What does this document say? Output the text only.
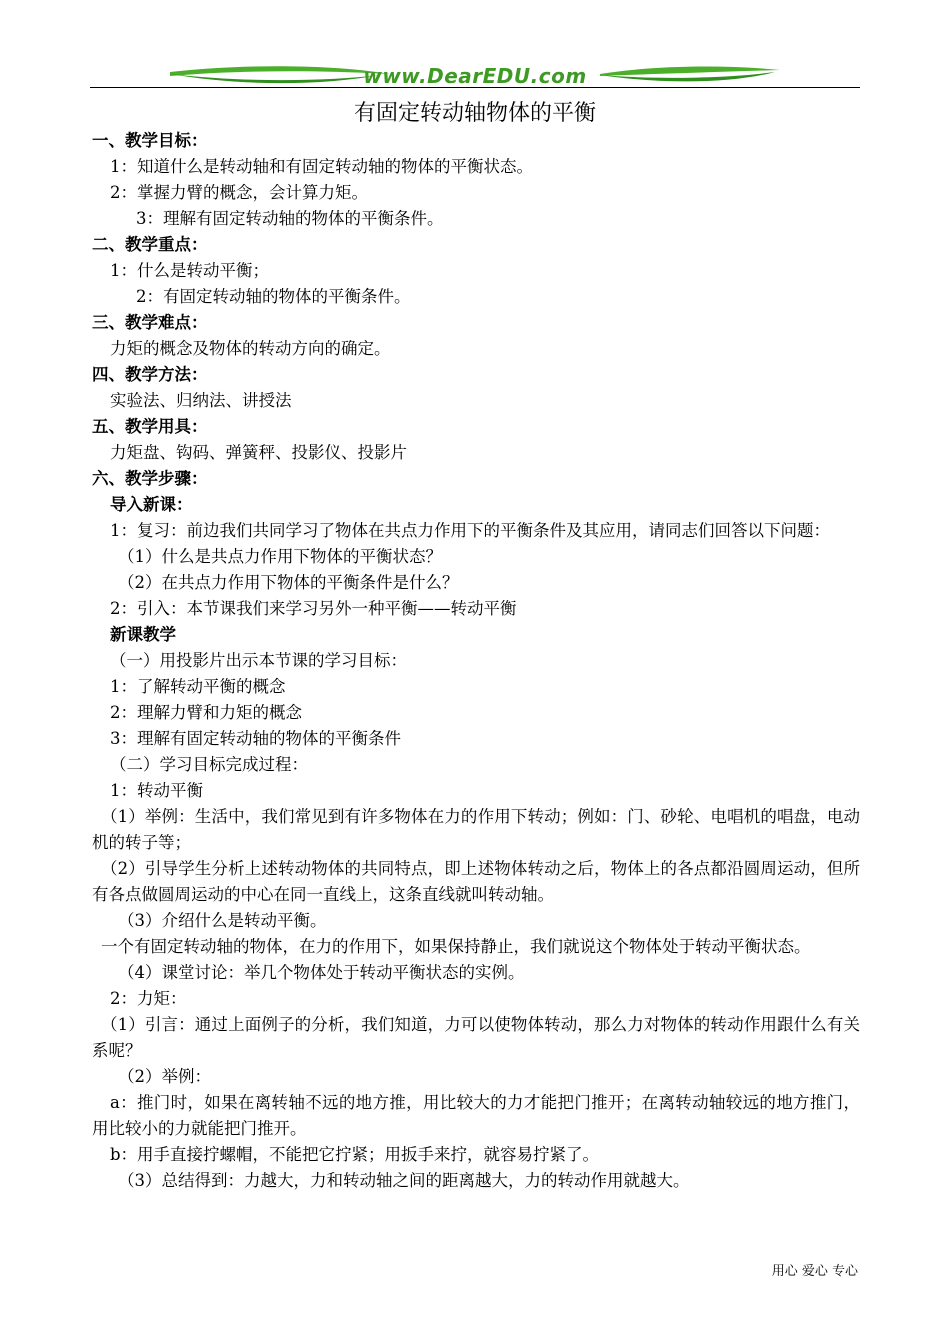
www.DearEDU.com
有固定转动轴物体的平衡

一、教学目标：

1：知道什么是转动轴和有固定转动轴的物体的平衡状态。

2：掌握力臂的概念，会计算力矩。

3：理解有固定转动轴的物体的平衡条件。

二、教学重点：

1：什么是转动平衡；

2：有固定转动轴的物体的平衡条件。

三、教学难点：

力矩的概念及物体的转动方向的确定。

四、教学方法：

实验法、归纳法、讲授法

五、教学用具：

力矩盘、钩码、弹簧秤、投影仪、投影片

六、教学步骤：

导入新课：

1：复习：前边我们共同学习了物体在共点力作用下的平衡条件及其应用，请同志们回答以下问题：

（1）什么是共点力作用下物体的平衡状态？

（2）在共点力作用下物体的平衡条件是什么？

2：引入：本节课我们来学习另外一种平衡——转动平衡

新课教学

（一）用投影片出示本节课的学习目标：

1：了解转动平衡的概念

2：理解力臂和力矩的概念

3：理解有固定转动轴的物体的平衡条件

（二）学习目标完成过程：

1：转动平衡

（1）举例：生活中，我们常见到有许多物体在力的作用下转动；例如：门、砂轮、电唱机的唱盘，电动机的转子等；

（2）引导学生分析上述转动物体的共同特点，即上述物体转动之后，物体上的各点都沿圆周运动，但所有各点做圆周运动的中心在同一直线上，这条直线就叫转动轴。

（3）介绍什么是转动平衡。

一个有固定转动轴的物体，在力的作用下，如果保持静止，我们就说这个物体处于转动平衡状态。

（4）课堂讨论：举几个物体处于转动平衡状态的实例。

2：力矩：

（1）引言：通过上面例子的分析，我们知道，力可以使物体转动，那么力对物体的转动作用跟什么有关系呢？

（2）举例：

a：推门时，如果在离转轴不远的地方推，用比较大的力才能把门推开；在离转动轴较远的地方推门，用比较小的力就能把门推开。

b：用手直接拧螺帽，不能把它拧紧；用扳手来拧，就容易拧紧了。

（3）总结得到：力越大，力和转动轴之间的距离越大，力的转动作用就越大。

用心 爱心 专心
